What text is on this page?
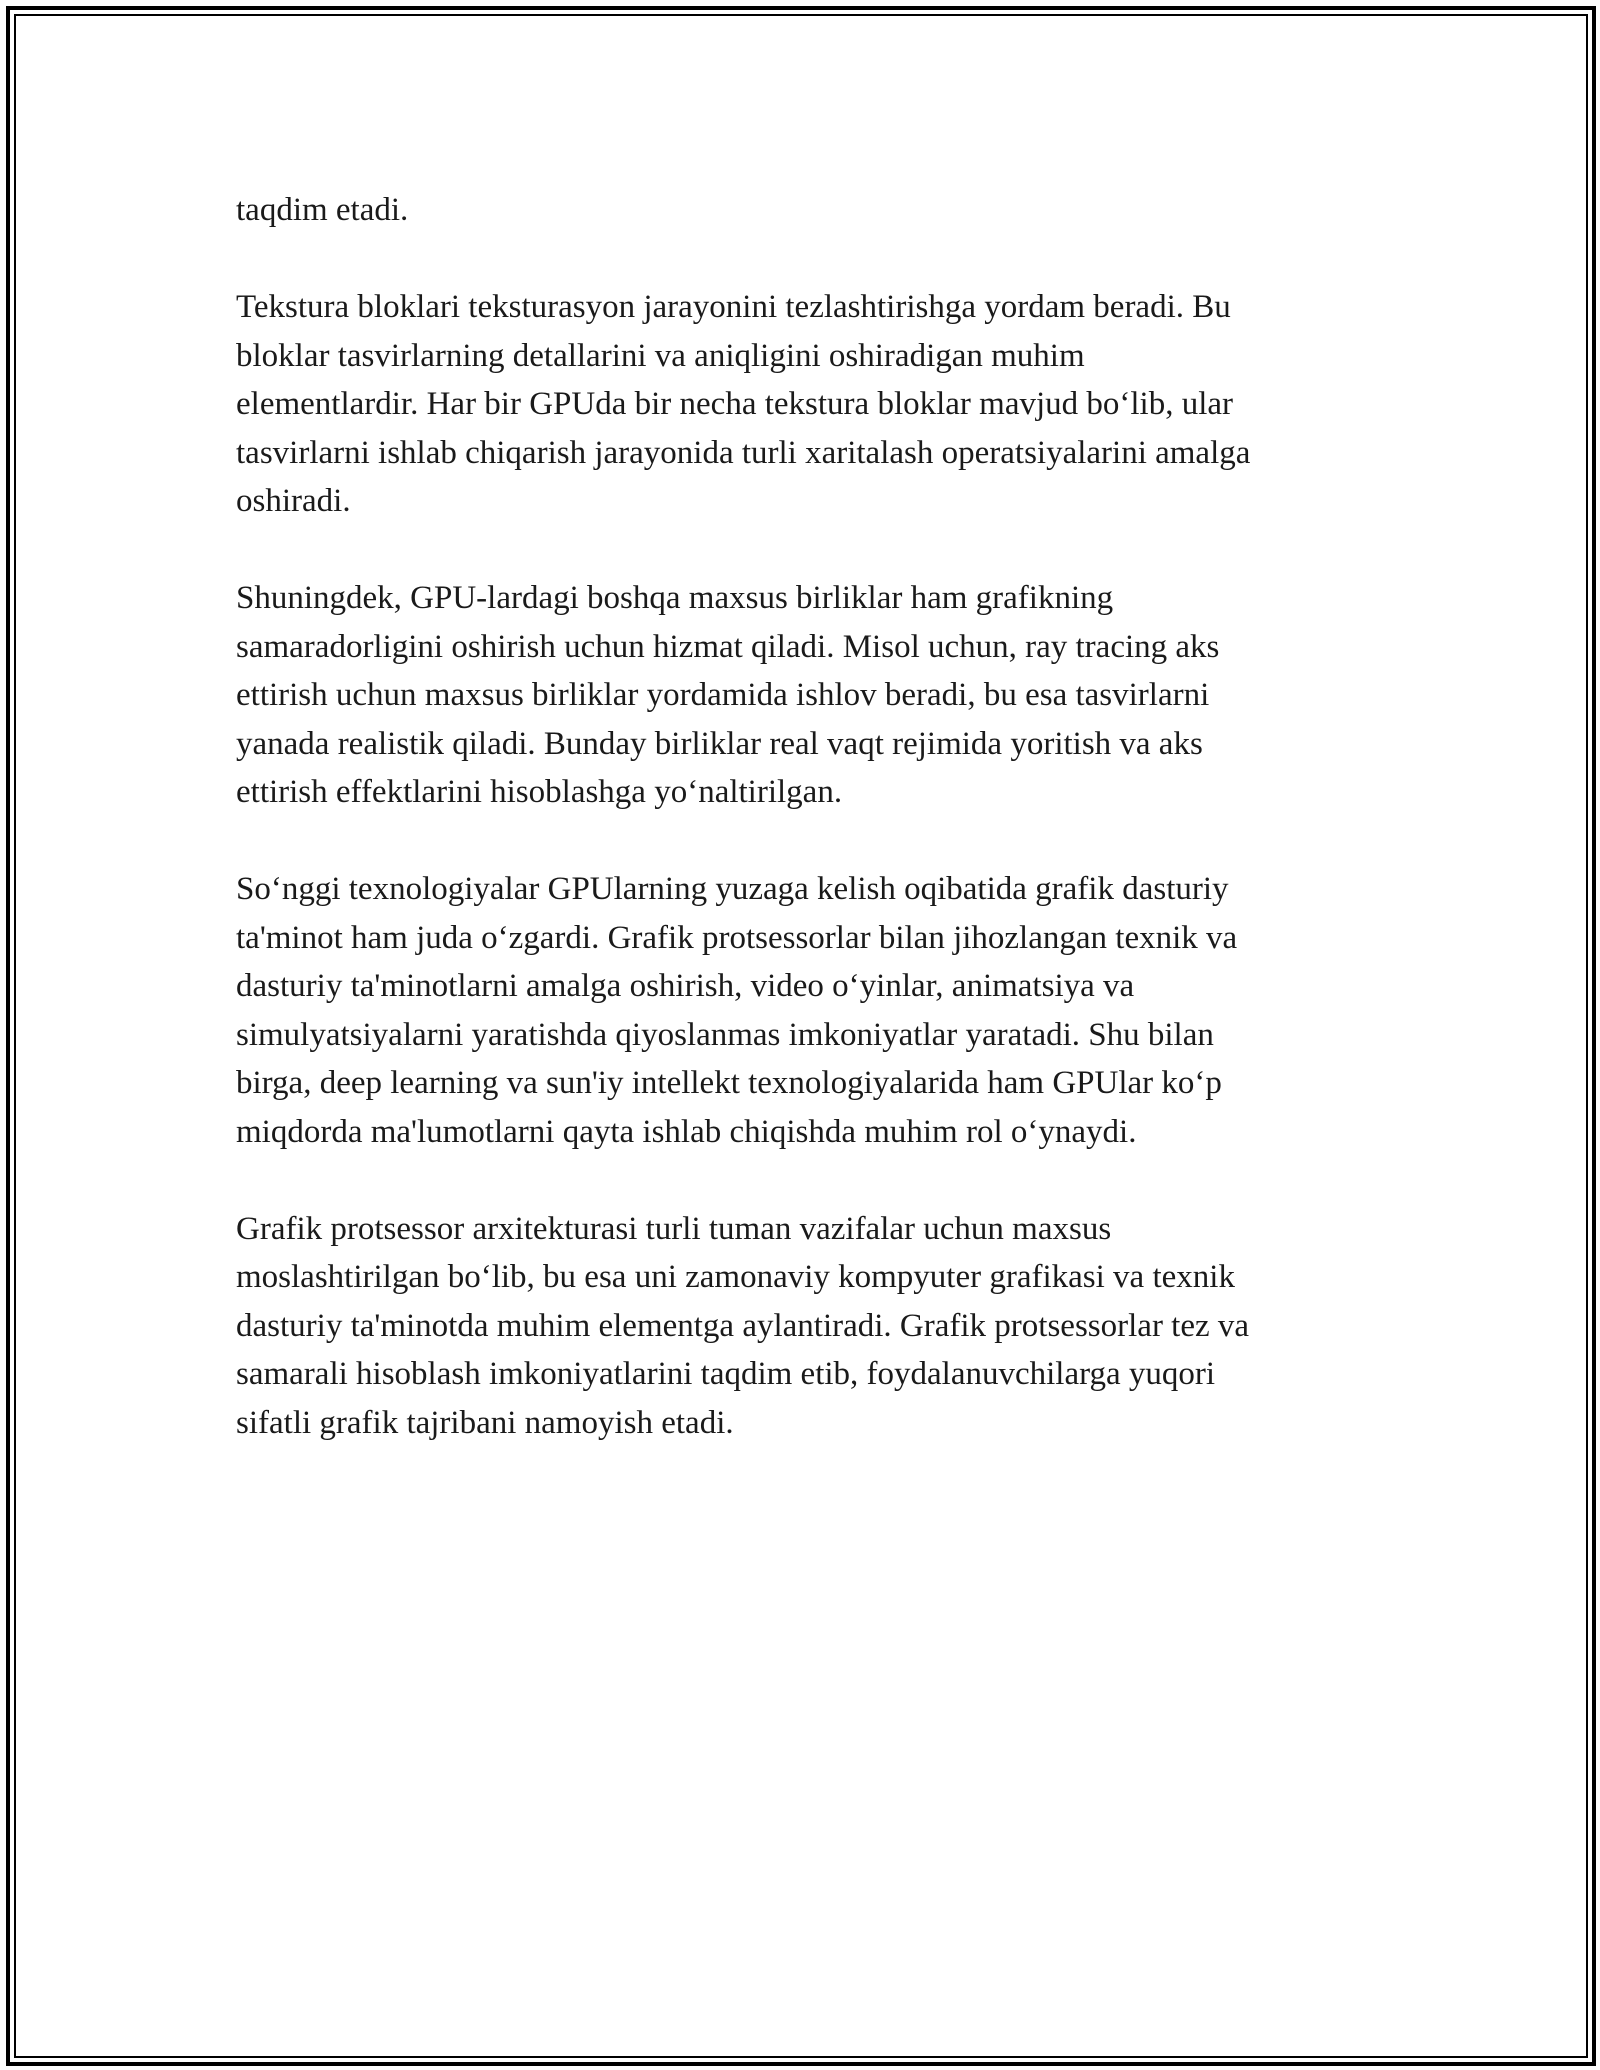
taqdim etadi.

Tekstura bloklari teksturasyon jarayonini tezlashtirishga yordam beradi. Bu
bloklar tasvirlarning detallarini va aniqligini oshiradigan muhim
elementlardir. Har bir GPUda bir necha tekstura bloklar mavjud bo‘lib, ular
tasvirlarni ishlab chiqarish jarayonida turli xaritalash operatsiyalarini amalga
oshiradi.

Shuningdek, GPU-lardagi boshqa maxsus birliklar ham grafikning
samaradorligini oshirish uchun hizmat qiladi. Misol uchun, ray tracing aks
ettirish uchun maxsus birliklar yordamida ishlov beradi, bu esa tasvirlarni
yanada realistik qiladi. Bunday birliklar real vaqt rejimida yoritish va aks
ettirish effektlarini hisoblashga yo‘naltirilgan.

So‘nggi texnologiyalar GPUlarning yuzaga kelish oqibatida grafik dasturiy
ta'minot ham juda o‘zgardi. Grafik protsessorlar bilan jihozlangan texnik va
dasturiy ta'minotlarni amalga oshirish, video o‘yinlar, animatsiya va
simulyatsiyalarni yaratishda qiyoslanmas imkoniyatlar yaratadi. Shu bilan
birga, deep learning va sun'iy intellekt texnologiyalarida ham GPUlar ko‘p
miqdorda ma'lumotlarni qayta ishlab chiqishda muhim rol o‘ynaydi.

Grafik protsessor arxitekturasi turli tuman vazifalar uchun maxsus
moslashtirilgan bo‘lib, bu esa uni zamonaviy kompyuter grafikasi va texnik
dasturiy ta'minotda muhim elementga aylantiradi. Grafik protsessorlar tez va
samarali hisoblash imkoniyatlarini taqdim etib, foydalanuvchilarga yuqori
sifatli grafik tajribani namoyish etadi.
